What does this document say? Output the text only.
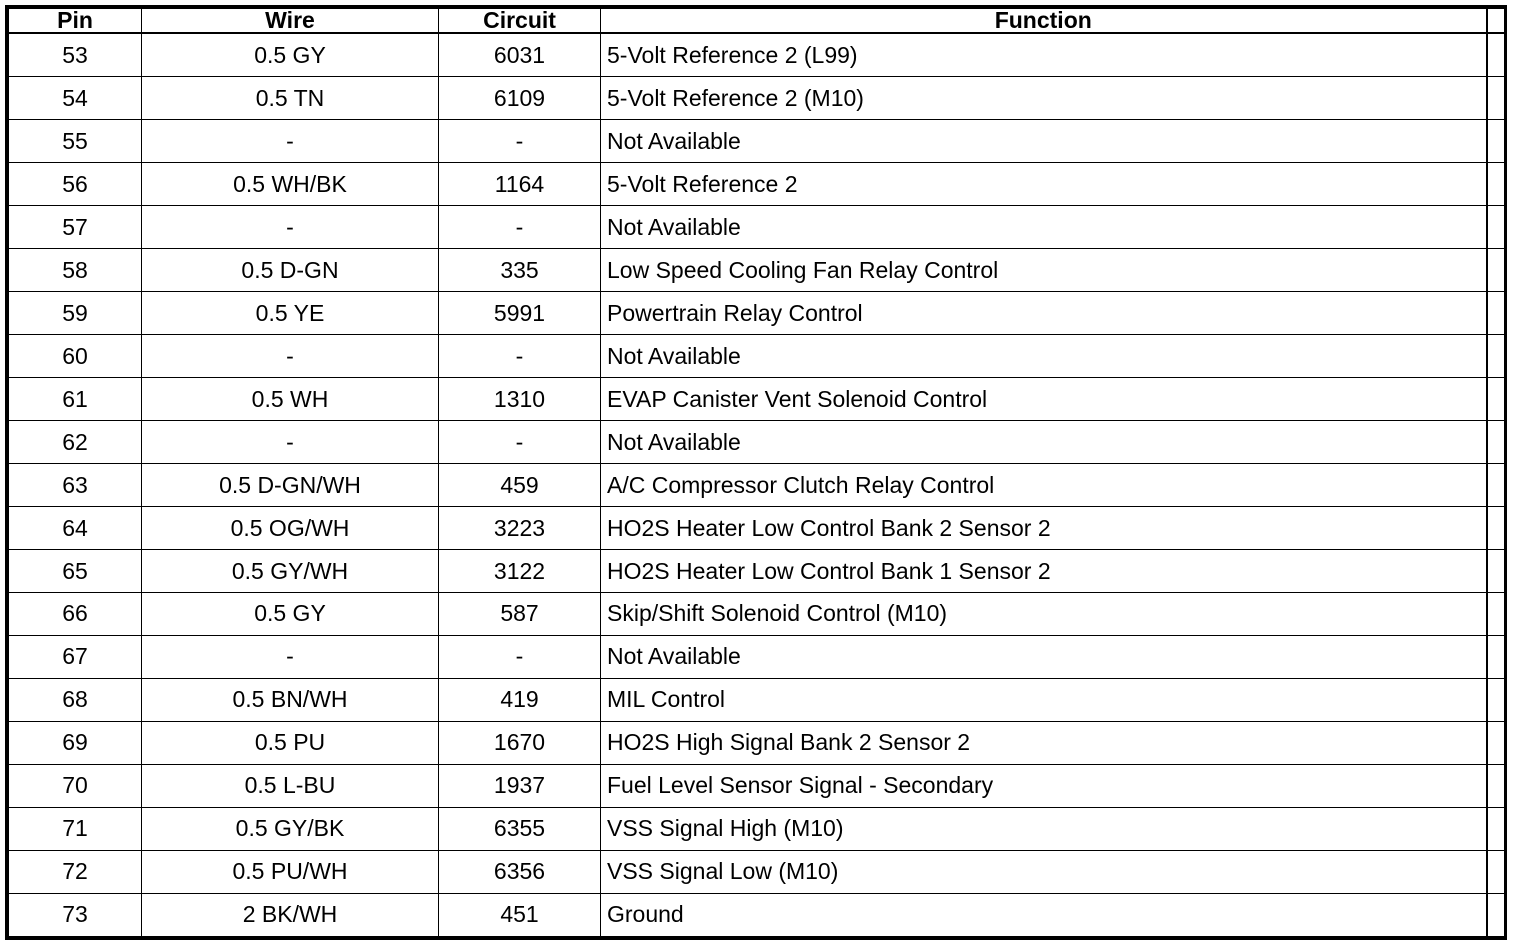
Pin	Wire	Circuit	Function	
53	0.5 GY	6031	5-Volt Reference 2 (L99)	
54	0.5 TN	6109	5-Volt Reference 2 (M10)	
55	-	-	Not Available	
56	0.5 WH/BK	1164	5-Volt Reference 2	
57	-	-	Not Available	
58	0.5 D-GN	335	Low Speed Cooling Fan Relay Control	
59	0.5 YE	5991	Powertrain Relay Control	
60	-	-	Not Available	
61	0.5 WH	1310	EVAP Canister Vent Solenoid Control	
62	-	-	Not Available	
63	0.5 D-GN/WH	459	A/C Compressor Clutch Relay Control	
64	0.5 OG/WH	3223	HO2S Heater Low Control Bank 2 Sensor 2	
65	0.5 GY/WH	3122	HO2S Heater Low Control Bank 1 Sensor 2	
66	0.5 GY	587	Skip/Shift Solenoid Control (M10)	
67	-	-	Not Available	
68	0.5 BN/WH	419	MIL Control	
69	0.5 PU	1670	HO2S High Signal Bank 2 Sensor 2	
70	0.5 L-BU	1937	Fuel Level Sensor Signal - Secondary	
71	0.5 GY/BK	6355	VSS Signal High (M10)	
72	0.5 PU/WH	6356	VSS Signal Low (M10)	
73	2 BK/WH	451	Ground	
